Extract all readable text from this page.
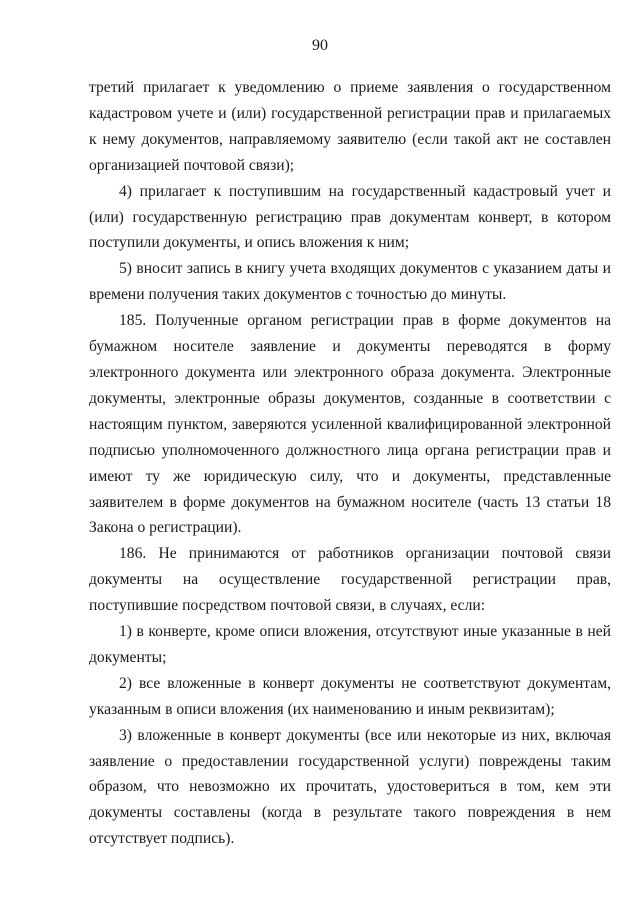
90

третий прилагает к уведомлению о приеме заявления о государственном кадастровом учете и (или) государственной регистрации прав и прилагаемых к нему документов, направляемому заявителю (если такой акт не составлен организацией почтовой связи);

4) прилагает к поступившим на государственный кадастровый учет и (или) государственную регистрацию прав документам конверт, в котором поступили документы, и опись вложения к ним;

5) вносит запись в книгу учета входящих документов с указанием даты и времени получения таких документов с точностью до минуты.

185. Полученные органом регистрации прав в форме документов на бумажном носителе заявление и документы переводятся в форму электронного документа или электронного образа документа. Электронные документы, электронные образы документов, созданные в соответствии с настоящим пунктом, заверяются усиленной квалифицированной электронной подписью уполномоченного должностного лица органа регистрации прав и имеют ту же юридическую силу, что и документы, представленные заявителем в форме документов на бумажном носителе (часть 13 статьи 18 Закона о регистрации).

186. Не принимаются от работников организации почтовой связи документы на осуществление государственной регистрации прав, поступившие посредством почтовой связи, в случаях, если:

1) в конверте, кроме описи вложения, отсутствуют иные указанные в ней документы;

2) все вложенные в конверт документы не соответствуют документам, указанным в описи вложения (их наименованию и иным реквизитам);

3) вложенные в конверт документы (все или некоторые из них, включая заявление о предоставлении государственной услуги) повреждены таким образом, что невозможно их прочитать, удостовериться в том, кем эти документы составлены (когда в результате такого повреждения в нем отсутствует подпись).
